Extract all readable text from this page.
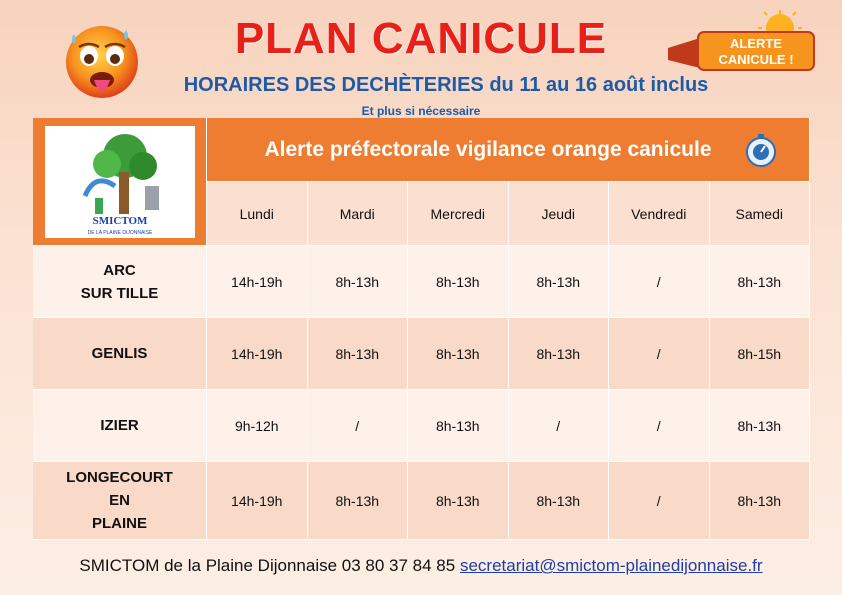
ALERTE
CANICULE !
PLAN CANICULE
HORAIRES DES DECHÈTERIES du 11 au 16 août inclus
Et plus si nécessaire
SMICTOM
DE LA PLAINE DIJONNAISE
Alerte préfectorale vigilance orange canicule
Lundi	Mardi	Mercredi	Jeudi	Vendredi	Samedi
ARC
SUR TILLE
14h-19h	8h-13h	8h-13h	8h-13h	/	8h-13h
GENLIS	14h-19h	8h-13h	8h-13h	8h-13h	/	8h-15h
IZIER	9h-12h	/	8h-13h	/	/	8h-13h
LONGECOURT
EN
PLAINE
14h-19h	8h-13h	8h-13h	8h-13h	/	8h-13h
SMICTOM de la Plaine Dijonnaise 03 80 37 84 85 secretariat@smictom-plainedijonnaise.fr
